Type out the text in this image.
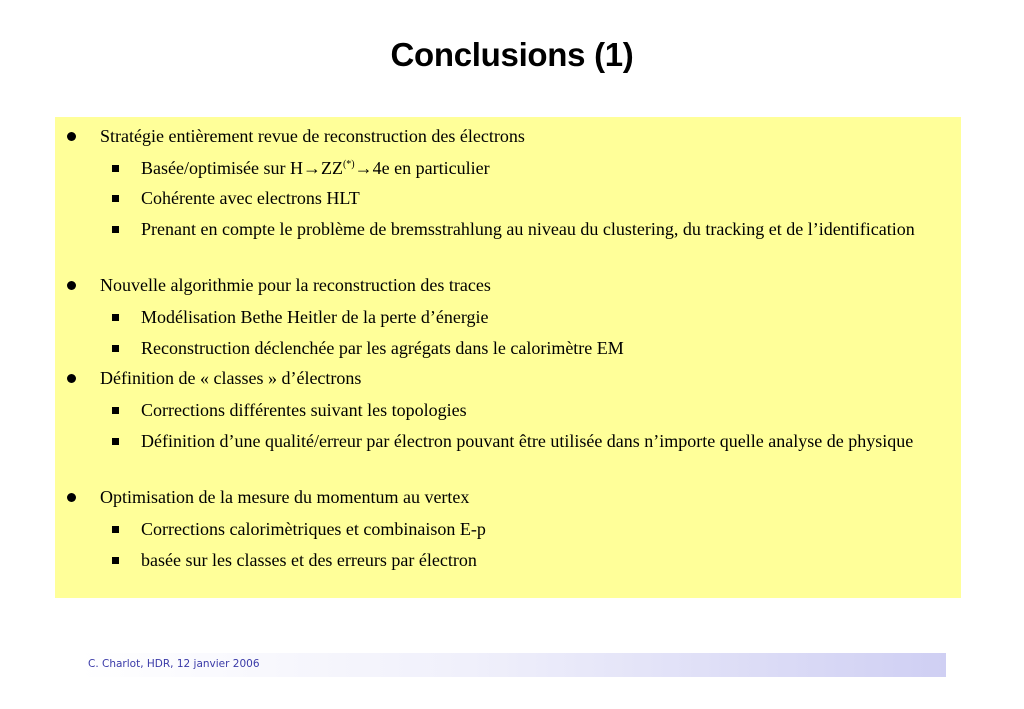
Conclusions (1)
Stratégie entièrement revue de reconstruction des électrons
Basée/optimisée sur H→ZZ(*)→4e en particulier
Cohérente avec electrons HLT
Prenant en compte le problème de bremsstrahlung au niveau du clustering, du tracking et de l’identification
Nouvelle algorithmie pour la reconstruction des traces
Modélisation Bethe Heitler de la perte d’énergie
Reconstruction déclenchée par les agrégats dans le calorimètre EM
Définition de « classes » d’électrons
Corrections différentes suivant les topologies
Définition d’une qualité/erreur par électron pouvant être utilisée dans n’importe quelle analyse de physique
Optimisation de la mesure du momentum au vertex
Corrections calorimètriques et combinaison E-p
basée sur les classes et des erreurs par électron
C. Charlot, HDR, 12 janvier 2006
